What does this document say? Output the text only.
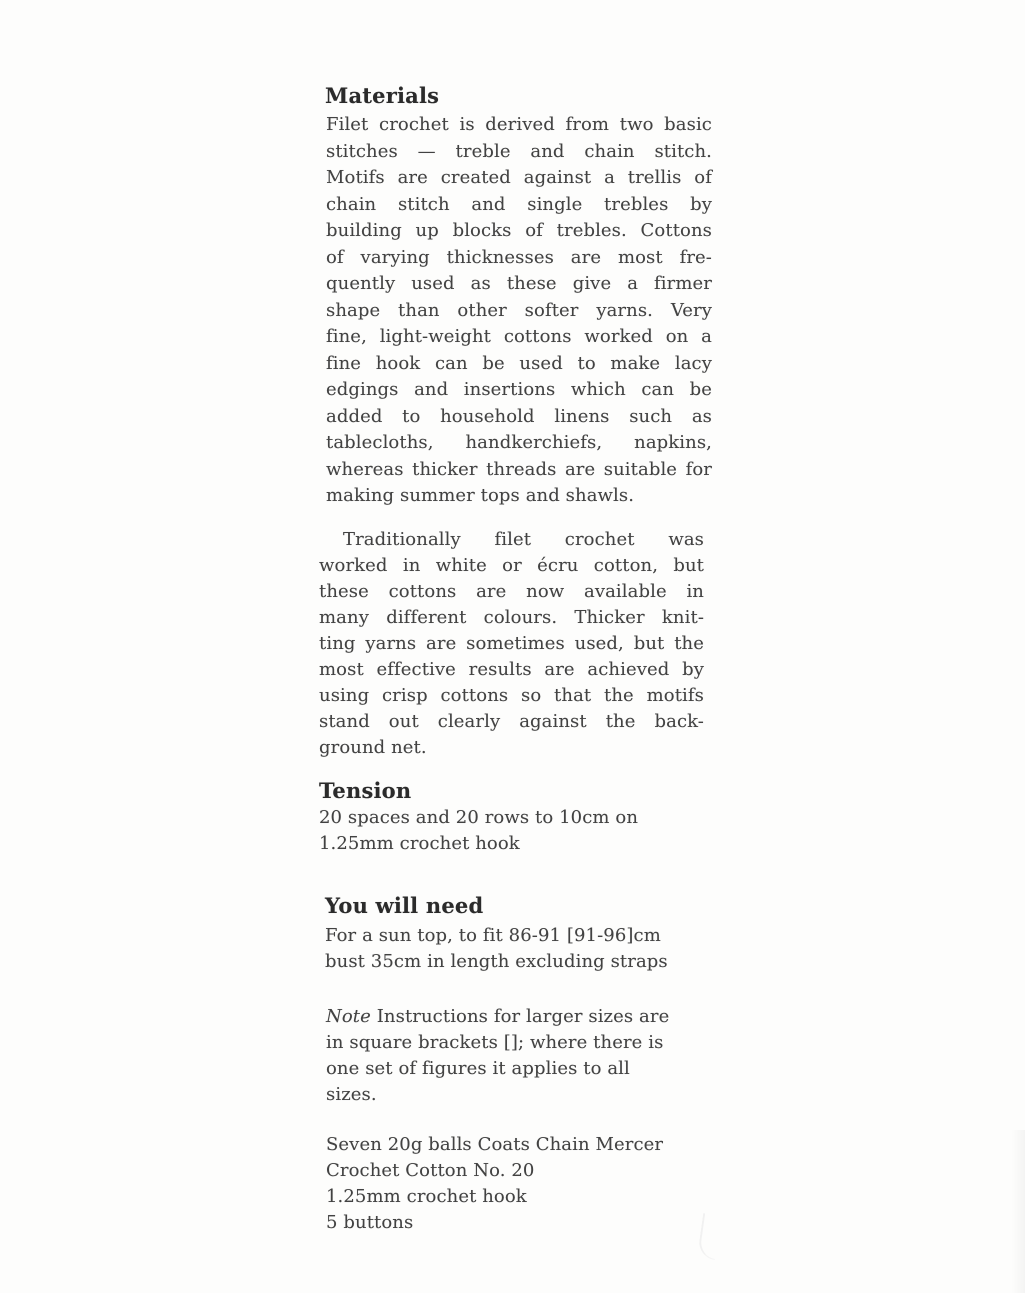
Materials
Filet crochet is derived from two basic
stitches — treble and chain stitch.
Motifs are created against a trellis of
chain stitch and single trebles by
building up blocks of trebles. Cottons
of varying thicknesses are most fre-
quently used as these give a firmer
shape than other softer yarns. Very
fine, light-weight cottons worked on a
fine hook can be used to make lacy
edgings and insertions which can be
added to household linens such as
tablecloths, handkerchiefs, napkins,
whereas thicker threads are suitable for
making summer tops and shawls.
Traditionally filet crochet was
worked in white or écru cotton, but
these cottons are now available in
many different colours. Thicker knit-
ting yarns are sometimes used, but the
most effective results are achieved by
using crisp cottons so that the motifs
stand out clearly against the back-
ground net.
Tension
20 spaces and 20 rows to 10cm on
1.25mm crochet hook
You will need
For a sun top, to fit 86-91 [91-96]cm
bust 35cm in length excluding straps
Note Instructions for larger sizes are
in square brackets []; where there is
one set of figures it applies to all
sizes.
Seven 20g balls Coats Chain Mercer
Crochet Cotton No. 20
1.25mm crochet hook
5 buttons
